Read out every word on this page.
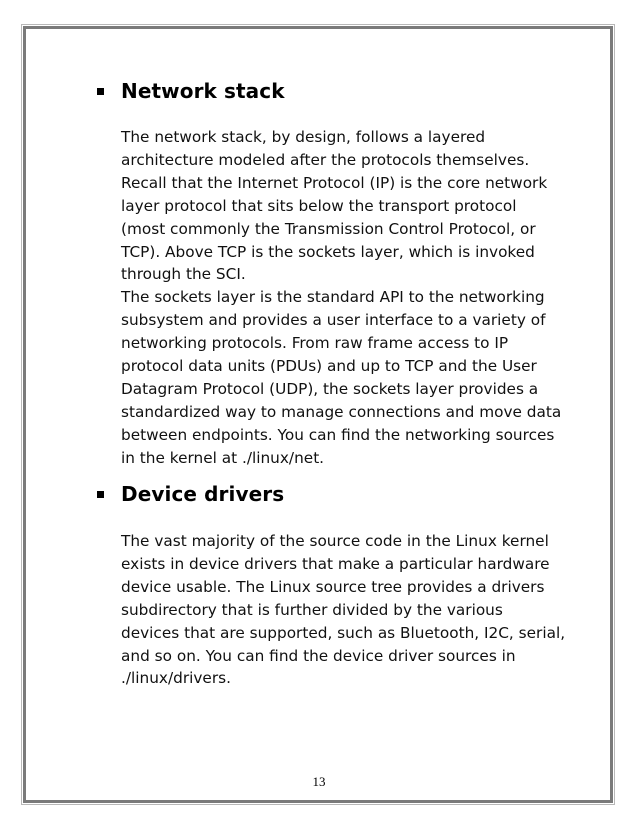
Network stack

The network stack, by design, follows a layered
architecture modeled after the protocols themselves.
Recall that the Internet Protocol (IP) is the core network
layer protocol that sits below the transport protocol
(most commonly the Transmission Control Protocol, or
TCP). Above TCP is the sockets layer, which is invoked
through the SCI.
The sockets layer is the standard API to the networking
subsystem and provides a user interface to a variety of
networking protocols. From raw frame access to IP
protocol data units (PDUs) and up to TCP and the User
Datagram Protocol (UDP), the sockets layer provides a
standardized way to manage connections and move data
between endpoints. You can find the networking sources
in the kernel at ./linux/net.

Device drivers

The vast majority of the source code in the Linux kernel
exists in device drivers that make a particular hardware
device usable. The Linux source tree provides a drivers
subdirectory that is further divided by the various
devices that are supported, such as Bluetooth, I2C, serial,
and so on. You can find the device driver sources in
./linux/drivers.

13
